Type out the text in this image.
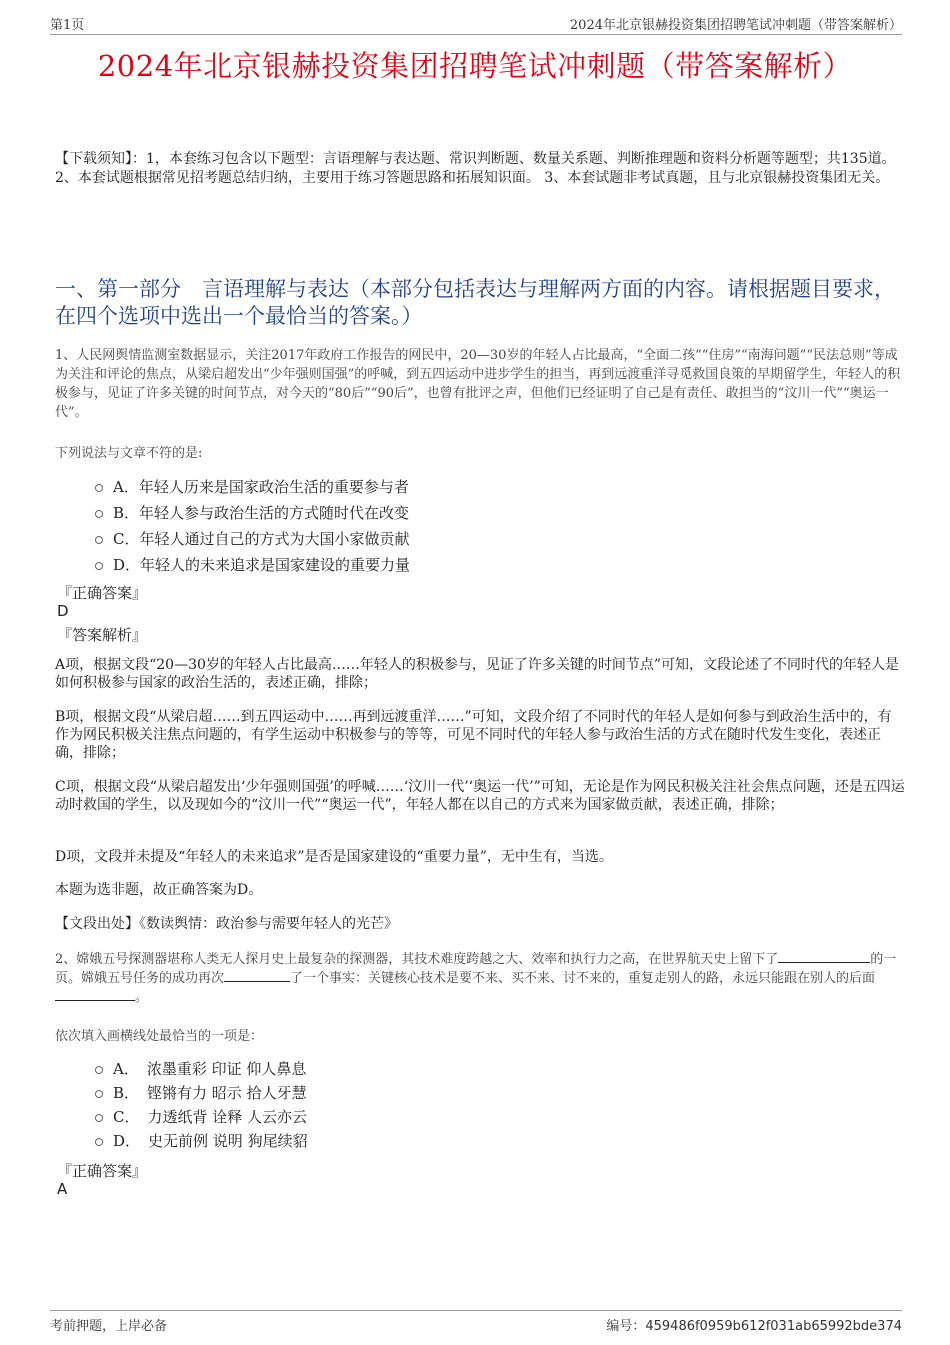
第1页	2024年北京银赫投资集团招聘笔试冲刺题（带答案解析）
2024年北京银赫投资集团招聘笔试冲刺题（带答案解析）
【下载须知】：1，本套练习包含以下题型：言语理解与表达题、常识判断题、数量关系题、判断推理题和资料分析题等题型；共135道。 2、本套试题根据常见招考题总结归纳，主要用于练习答题思路和拓展知识面。 3、本套试题非考试真题，且与北京银赫投资集团无关。
一、第一部分　言语理解与表达（本部分包括表达与理解两方面的内容。请根据题目要求，在四个选项中选出一个最恰当的答案。）
1、人民网舆情监测室数据显示，关注2017年政府工作报告的网民中，20—30岁的年轻人占比最高，“全面二孩”“住房”“南海问题”“民法总则”等成为关注和评论的焦点，从梁启超发出“少年强则国强”的呼喊，到五四运动中进步学生的担当，再到远渡重洋寻觅救国良策的早期留学生，年轻人的积极参与，见证了许多关键的时间节点，对今天的“80后”“90后”，也曾有批评之声，但他们已经证明了自己是有责任、敢担当的“汶川一代”“奥运一代”。
下列说法与文章不符的是:
A． 年轻人历来是国家政治生活的重要参与者
B． 年轻人参与政治生活的方式随时代在改变
C． 年轻人通过自己的方式为大国小家做贡献
D． 年轻人的未来追求是国家建设的重要力量
『正确答案』
D
『答案解析』
A项，根据文段“20—30岁的年轻人占比最高……年轻人的积极参与，见证了许多关键的时间节点”可知，文段论述了不同时代的年轻人是如何积极参与国家的政治生活的，表述正确，排除；
B项，根据文段“从梁启超……到五四运动中……再到远渡重洋……”可知，文段介绍了不同时代的年轻人是如何参与到政治生活中的，有作为网民积极关注焦点问题的，有学生运动中积极参与的等等，可见不同时代的年轻人参与政治生活的方式在随时代发生变化，表述正确，排除；
C项，根据文段“从梁启超发出‘少年强则国强’的呼喊……‘汶川一代’‘奥运一代’”可知，无论是作为网民积极关注社会焦点问题，还是五四运动时救国的学生，以及现如今的“汶川一代”“奥运一代”，年轻人都在以自己的方式来为国家做贡献，表述正确，排除；
D项，文段并未提及“年轻人的未来追求”是否是国家建设的“重要力量”，无中生有，当选。
本题为选非题，故正确答案为D。
【文段出处】《数读舆情：政治参与需要年轻人的光芒》
2、嫦娥五号探测器堪称人类无人探月史上最复杂的探测器，其技术难度跨越之大、效率和执行力之高，在世界航天史上留下了	的一页。嫦娥五号任务的成功再次	了一个事实：关键核心技术是要不来、买不来、讨不来的，重复走别人的路，永远只能跟在别人的后面。
依次填入画横线处最恰当的一项是：
A． 浓墨重彩 印证 仰人鼻息
B． 铿锵有力 昭示 拾人牙慧
C． 力透纸背 诠释 人云亦云
D． 史无前例 说明 狗尾续貂
『正确答案』
A
考前押题，上岸必备	编号：459486f0959b612f031ab65992bde374
